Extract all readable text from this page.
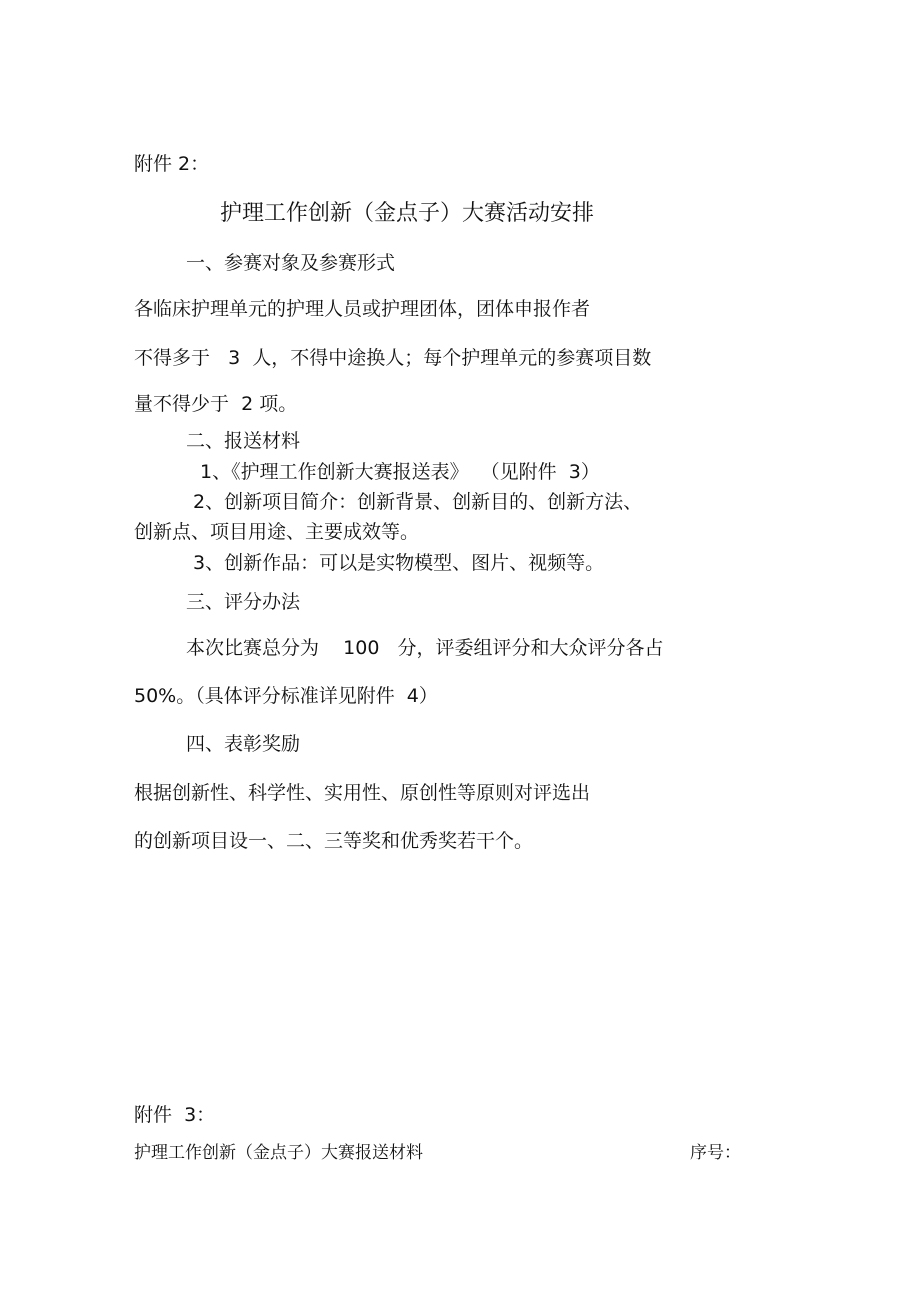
附件 2：

护理工作创新（金点子）大赛活动安排

一、参赛对象及参赛形式

各临床护理单元的护理人员或护理团体，团体申报作者

不得多于   3  人，不得中途换人；每个护理单元的参赛项目数

量不得少于  2 项。

二、报送材料

1、《护理工作创新大赛报送表》  （见附件  3）

2、创新项目简介：创新背景、创新目的、创新方法、

创新点、项目用途、主要成效等。

3、创新作品：可以是实物模型、图片、视频等。

三、评分办法

本次比赛总分为    100   分，评委组评分和大众评分各占

50%。（具体评分标准详见附件  4）

四、表彰奖励

根据创新性、科学性、实用性、原创性等原则对评选出

的创新项目设一、二、三等奖和优秀奖若干个。

附件  3：

护理工作创新（金点子）大赛报送材料	序号：
